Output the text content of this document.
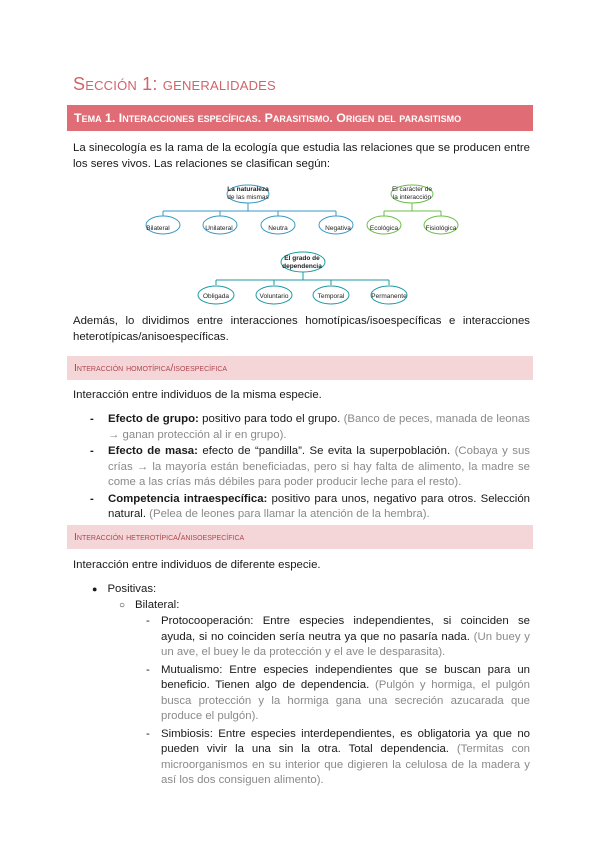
Sección 1: generalidades
Tema 1. Interacciones específicas. Parasitismo. Origen del parasitismo

La sinecología es la rama de la ecología que estudia las relaciones que se producen entre los seres vivos. Las relaciones se clasifican según:

La naturaleza
de las mismas
Bilateral	Unilateral	Neutra	Negativa
El carácter de
la interacción
Ecológica	Fisiológica
El grado de
dependencia
Obligada	Voluntario	Temporal	Permanente

Además, lo dividimos entre interacciones homotípicas/isoespecíficas e interacciones heterotípicas/anisoespecíficas.

Interacción homotípica/isoespecífica

Interacción entre individuos de la misma especie.

- Efecto de grupo: positivo para todo el grupo. (Banco de peces, manada de leonas → ganan protección al ir en grupo).
- Efecto de masa: efecto de “pandilla”. Se evita la superpoblación. (Cobaya y sus crías → la mayoría están beneficiadas, pero si hay falta de alimento, la madre se come a las crías más débiles para poder producir leche para el resto).
- Competencia intraespecífica: positivo para unos, negativo para otros. Selección natural. (Pelea de leones para llamar la atención de la hembra).
Interacción heterotípica/anisoespecífica

Interacción entre individuos de diferente especie.

● Positivas:
○ Bilateral:
- Protocooperación: Entre especies independientes, si coinciden se ayuda, si no coinciden sería neutra ya que no pasaría nada. (Un buey y un ave, el buey le da protección y el ave le desparasita).
- Mutualismo: Entre especies independientes que se buscan para un beneficio. Tienen algo de dependencia. (Pulgón y hormiga, el pulgón busca protección y la hormiga gana una secreción azucarada que produce el pulgón).
- Simbiosis: Entre especies interdependientes, es obligatoria ya que no pueden vivir la una sin la otra. Total dependencia. (Termitas con microorganismos en su interior que digieren la celulosa de la madera y así los dos consiguen alimento).
